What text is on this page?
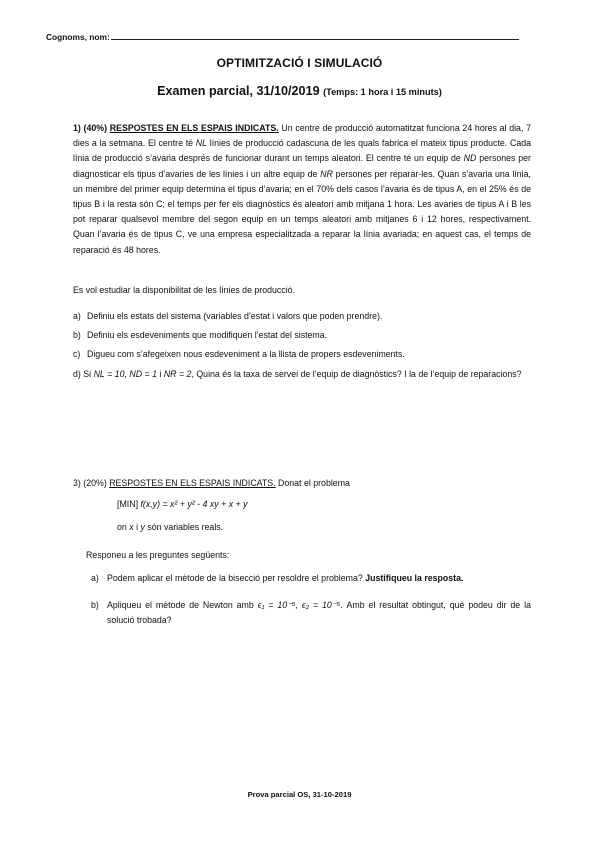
Cognoms, nom:
OPTIMITZACIÓ I SIMULACIÓ
Examen parcial, 31/10/2019 (Temps: 1 hora i 15 minuts)
1) (40%) RESPOSTES EN ELS ESPAIS INDICATS. Un centre de producció automatitzat funciona 24 hores al dia, 7 dies a la setmana. El centre té NL línies de producció cadascuna de les quals fabrica el mateix tipus producte. Cada línia de producció s’avaria després de funcionar durant un temps aleatori. El centre té un equip de ND persones per diagnosticar els tipus d’avaries de les línies i un altre equip de NR persones per reparar-les. Quan s’avaria una línia, un membre del primer equip determina el tipus d’avaria; en el 70% dels casos l’avaria és de tipus A, en el 25% és de tipus B i la resta són C; el temps per fer els diagnòstics és aleatori amb mitjana 1 hora. Les avaries de tipus A i B les pot reparar qualsevol membre del segon equip en un temps aleatori amb mitjanes 6 i 12 hores, respectivament. Quan l’avaria és de tipus C, ve una empresa especialitzada a reparar la línia avariada; en aquest cas, el temps de reparació és 48 hores.
Es vol estudiar la disponibilitat de les línies de producció.
a) Definiu els estats del sistema (variables d’estat i valors que poden prendre).
b) Definiu els esdeveniments que modifiquen l’estat del sistema.
c) Digueu com s’afegeixen nous esdeveniment a la llista de propers esdeveniments.
d) Si NL = 10, ND = 1 i NR = 2, Quina és la taxa de servei de l’equip de diagnòstics? I la de l’equip de reparacions?
3) (20%) RESPOSTES EN ELS ESPAIS INDICATS. Donat el problema
[MIN] f(x,y) = x² + y² - 4 xy + x + y
on x i y són variables reals.
Responeu a les preguntes següents:
a) Podem aplicar el mètode de la bisecció per resoldre el problema? Justifiqueu la resposta.
b) Apliqueu el mètode de Newton amb ϵ₁ = 10⁻⁵, ϵ₂ = 10⁻⁵. Amb el resultat obtingut, què podeu dir de la solució trobada?
Prova parcial OS, 31-10-2019
